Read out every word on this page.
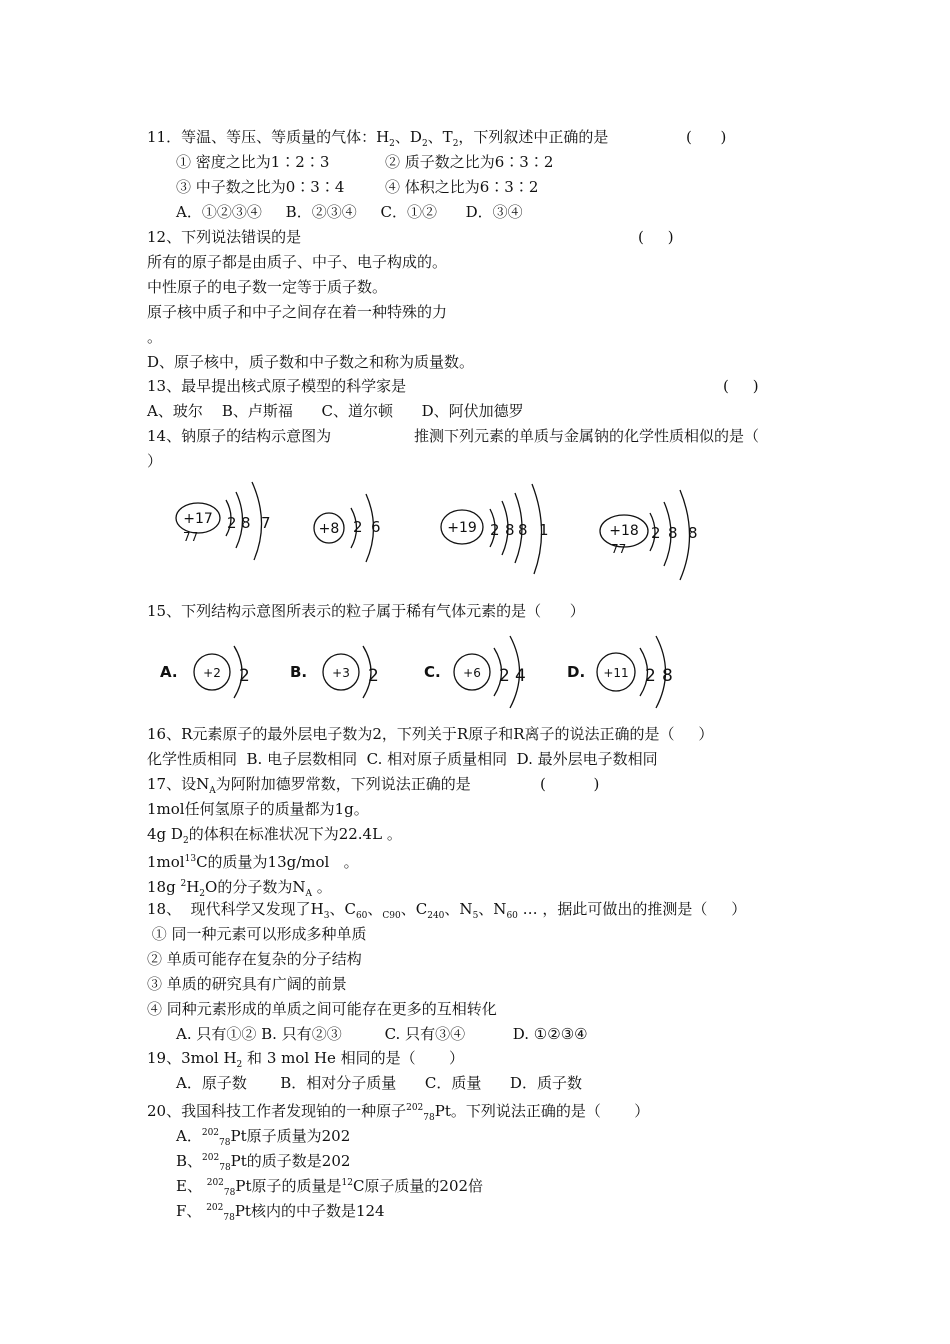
11．等温、等压、等质量的气体：$H_2$、$D_2$、$T_2$，下列叙述中正确的是	(      )
① 密度之比为1∶2∶3	② 质子数之比为6∶3∶2
③ 中子数之比为0∶3∶4	④ 体积之比为6∶3∶2
A．①②③④     B．②③④     C．①②      D．③④
12、下列说法错误的是	(     )
所有的原子都是由质子、中子、电子构成的。
中性原子的电子数一定等于质子数。
原子核中质子和中子之间存在着一种特殊的力
。
D、原子核中，质子数和中子数之和称为质量数。
13、最早提出核式原子模型的科学家是	(     )
A、玻尔    B、卢斯福      C、道尔顿      D、阿伏加德罗
14、钠原子的结构示意图为	推测下列元素的单质与金属钠的化学性质相似的是（
）
+17
77
2 8 7	+8 2 6	+19 2 8 8 1	+18
77
2 8 8
A. +2 2	B. +3 2	C. +6 2 4	D. +11 2 8
15、下列结构示意图所表示的粒子属于稀有气体元素的是（      ）
16、R元素原子的最外层电子数为2，下列关于R原子和R离子的说法正确的是（     ）
化学性质相同  B. 电子层数相同  C. 相对原子质量相同  D. 最外层电子数相同
17、设$N_A$为阿附加德罗常数，下列说法正确的是	(          )
1mol任何氢原子的质量都为1g。
4g $D_2$的体积在标准状况下为22.4L 。
1mol$^{13}$C的质量为13g/mol   。
18g $^2H_2O$的分子数为$N_A$ 。
18、  现代科学又发现了$H_3$、$C_{60}$、$_{C90}$、$C_{240}$、$N_5$、$N_{60}$ … ，据此可做出的推测是（     ）
① 同一种元素可以形成多种单质
② 单质可能存在复杂的分子结构
③ 单质的研究具有广阔的前景
④ 同种元素形成的单质之间可能存在更多的互相转化
A. 只有①② B. 只有②③         C. 只有③④          D. ①②③④
19、3mol $H_2$ 和 3 mol He 相同的是（       ）
A．原子数       B．相对分子质量      C．质量      D．质子数
20、我国科技工作者发现铂的一种原子$^{202}_{78}$Pt。下列说法正确的是（       ）
A．$^{202}_{78}$Pt原子质量为202
B、$^{202}_{78}$Pt的质子数是202
E、 $^{202}_{78}$Pt原子的质量是$^{12}$C原子质量的202倍
F、 $^{202}_{78}$Pt核内的中子数是124
